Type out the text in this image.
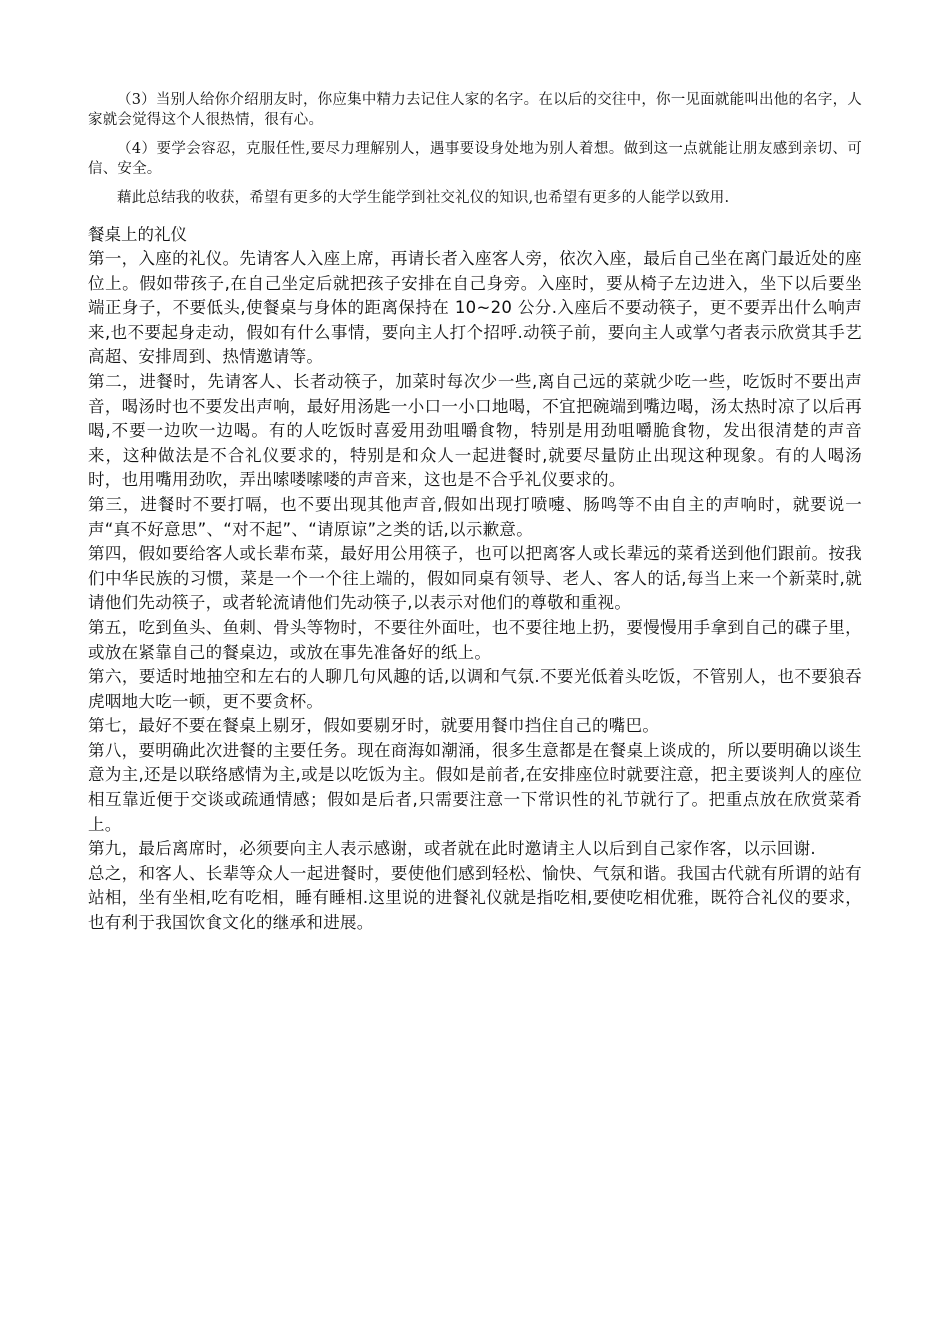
（3）当别人给你介绍朋友时，你应集中精力去记住人家的名字。在以后的交往中，你一见面就能叫出他的名字，人家就会觉得这个人很热情，很有心。

（4）要学会容忍，克服任性,要尽力理解别人，遇事要设身处地为别人着想。做到这一点就能让朋友感到亲切、可信、安全。

藉此总结我的收获，希望有更多的大学生能学到社交礼仪的知识,也希望有更多的人能学以致用.

餐桌上的礼仪

第一，入座的礼仪。先请客人入座上席，再请长者入座客人旁，依次入座，最后自己坐在离门最近处的座位上。假如带孩子,在自己坐定后就把孩子安排在自己身旁。入座时，要从椅子左边进入，坐下以后要坐端正身子，不要低头,使餐桌与身体的距离保持在 10~20 公分.入座后不要动筷子，更不要弄出什么响声来,也不要起身走动，假如有什么事情，要向主人打个招呼.动筷子前，要向主人或掌勺者表示欣赏其手艺高超、安排周到、热情邀请等。

第二，进餐时，先请客人、长者动筷子，加菜时每次少一些,离自己远的菜就少吃一些，吃饭时不要出声音，喝汤时也不要发出声响，最好用汤匙一小口一小口地喝，不宜把碗端到嘴边喝，汤太热时凉了以后再喝,不要一边吹一边喝。有的人吃饭时喜爱用劲咀嚼食物，特别是用劲咀嚼脆食物，发出很清楚的声音来，这种做法是不合礼仪要求的，特别是和众人一起进餐时,就要尽量防止出现这种现象。有的人喝汤时，也用嘴用劲吹，弄出嗦喽嗦喽的声音来，这也是不合乎礼仪要求的。

第三，进餐时不要打嗝，也不要出现其他声音,假如出现打喷嚏、肠鸣等不由自主的声响时，就要说一声“真不好意思”、“对不起”、“请原谅”之类的话,以示歉意。

第四，假如要给客人或长辈布菜，最好用公用筷子，也可以把离客人或长辈远的菜肴送到他们跟前。按我们中华民族的习惯，菜是一个一个往上端的，假如同桌有领导、老人、客人的话,每当上来一个新菜时,就请他们先动筷子，或者轮流请他们先动筷子,以表示对他们的尊敬和重视。

第五，吃到鱼头、鱼刺、骨头等物时，不要往外面吐，也不要往地上扔，要慢慢用手拿到自己的碟子里，或放在紧靠自己的餐桌边，或放在事先准备好的纸上。

第六，要适时地抽空和左右的人聊几句风趣的话,以调和气氛.不要光低着头吃饭，不管别人，也不要狼吞虎咽地大吃一顿，更不要贪杯。

第七，最好不要在餐桌上剔牙，假如要剔牙时，就要用餐巾挡住自己的嘴巴。

第八，要明确此次进餐的主要任务。现在商海如潮涌，很多生意都是在餐桌上谈成的，所以要明确以谈生意为主,还是以联络感情为主,或是以吃饭为主。假如是前者,在安排座位时就要注意，把主要谈判人的座位相互靠近便于交谈或疏通情感；假如是后者,只需要注意一下常识性的礼节就行了。把重点放在欣赏菜肴上。

第九，最后离席时，必须要向主人表示感谢，或者就在此时邀请主人以后到自己家作客，以示回谢.

总之，和客人、长辈等众人一起进餐时，要使他们感到轻松、愉快、气氛和谐。我国古代就有所谓的站有站相，坐有坐相,吃有吃相，睡有睡相.这里说的进餐礼仪就是指吃相,要使吃相优雅，既符合礼仪的要求，也有利于我国饮食文化的继承和进展。
